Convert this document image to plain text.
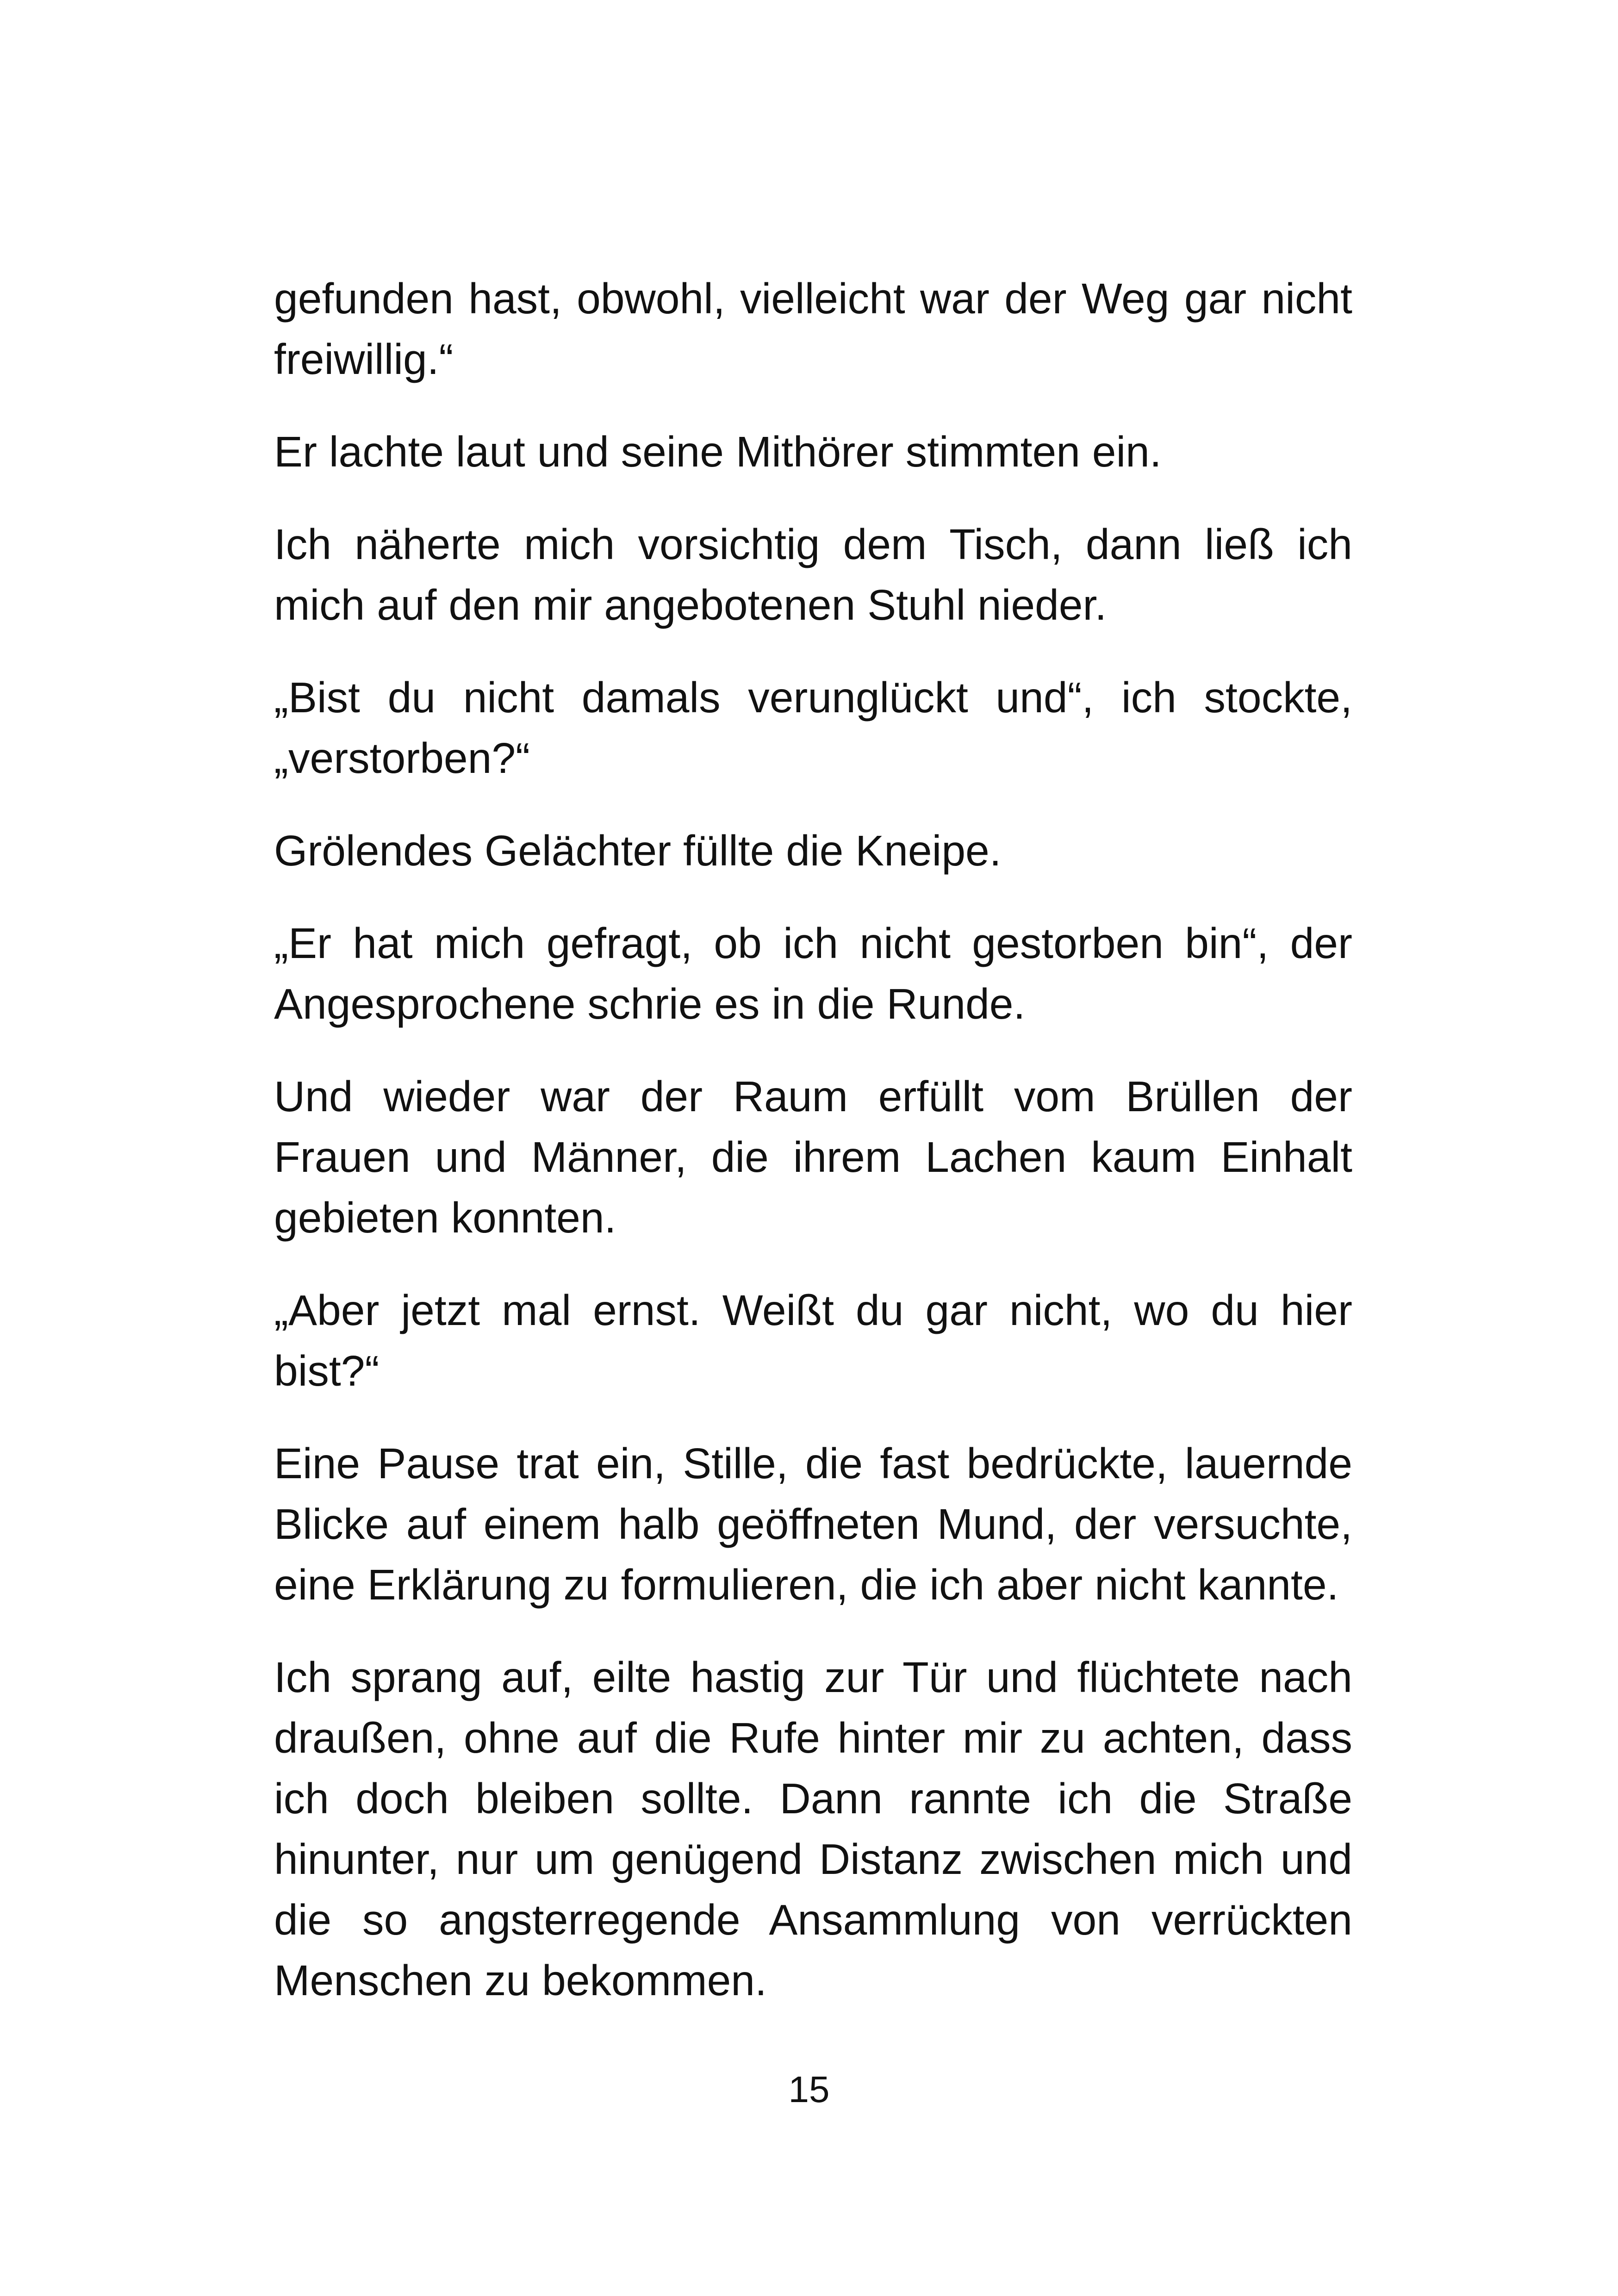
gefunden hast, obwohl, vielleicht war der Weg gar nicht freiwillig.“

Er lachte laut und seine Mithörer stimmten ein.

Ich näherte mich vorsichtig dem Tisch, dann ließ ich mich auf den mir angebotenen Stuhl nieder.

„Bist du nicht damals verunglückt und“, ich stockte, „verstorben?“

Grölendes Gelächter füllte die Kneipe.

„Er hat mich gefragt, ob ich nicht gestorben bin“, der Angesprochene schrie es in die Runde.

Und wieder war der Raum erfüllt vom Brüllen der Frauen und Männer, die ihrem Lachen kaum Einhalt gebieten konnten.

„Aber jetzt mal ernst. Weißt du gar nicht, wo du hier bist?“

Eine Pause trat ein, Stille, die fast bedrückte, lauernde Blicke auf einem halb geöffneten Mund, der versuchte, eine Erklärung zu formulieren, die ich aber nicht kannte.

Ich sprang auf, eilte hastig zur Tür und flüchtete nach draußen, ohne auf die Rufe hinter mir zu achten, dass ich doch bleiben sollte. Dann rannte ich die Straße hinunter, nur um genügend Distanz zwischen mich und die so angsterregende Ansammlung von verrückten Menschen zu bekommen.

15
